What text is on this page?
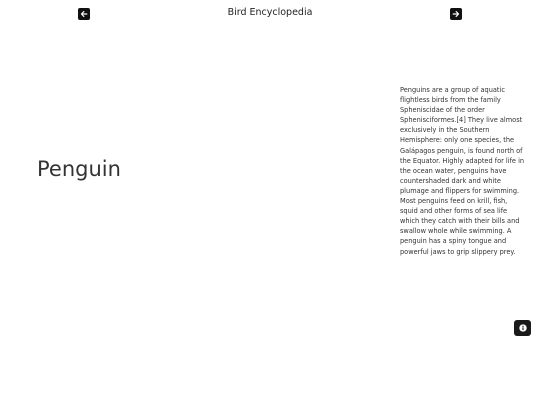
Bird Encyclopedia
Penguin

Penguins are a group of aquatic flightless birds from the family Spheniscidae of the order Sphenisciformes.[4] They live almost exclusively in the Southern Hemisphere: only one species, the Galápagos penguin, is found north of the Equator. Highly adapted for life in the ocean water, penguins have countershaded dark and white plumage and flippers for swimming. Most penguins feed on krill, fish, squid and other forms of sea life which they catch with their bills and swallow whole while swimming. A penguin has a spiny tongue and powerful jaws to grip slippery prey.
